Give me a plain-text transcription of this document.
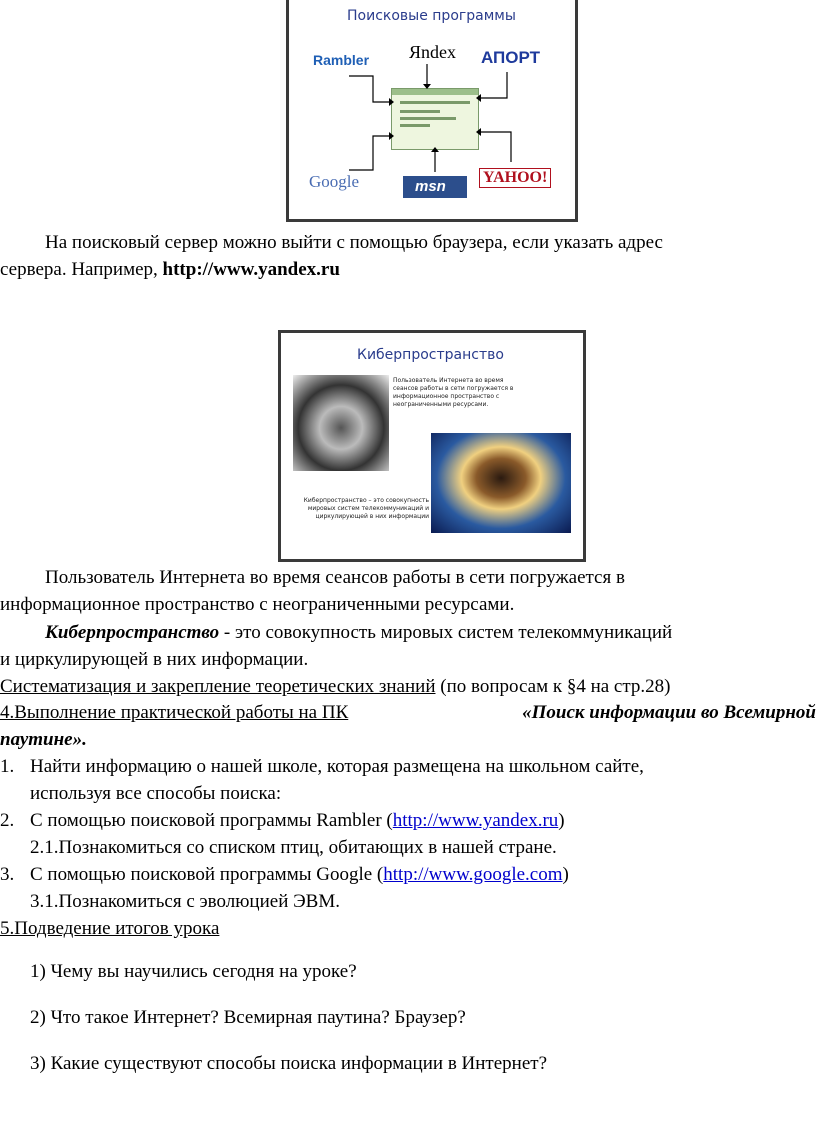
Поисковые программы
Rambler Яndex АПОРТ
Google	msn
YAHOO!
На поисковый сервер можно выйти с помощью браузера, если указать адрес
сервера. Например, http://www.yandex.ru
Киберпространство
Пользователь Интернета во время сеансов работы в сети погружается в информационное пространство с неограниченными ресурсами.
Киберпространство – это совокупность мировых систем телекоммуникаций и циркулирующей в них информации
Пользователь Интернета во время сеансов работы в сети погружается в
информационное пространство с неограниченными ресурсами.
Киберпространство - это совокупность мировых систем телекоммуникаций
и циркулирующей в них информации.
Систематизация и закрепление теоретических знаний (по вопросам к §4 на стр.28)
4.Выполнение практической работы на ПК	«Поиск информации во Всемирной
паутине».
1. Найти информацию о нашей школе, которая размещена на школьном сайте,
используя все способы поиска:
2. С помощью поисковой программы Rambler (http://www.yandex.ru)
2.1.Познакомиться со списком птиц, обитающих в нашей стране.
3. С помощью поисковой программы Google (http://www.google.com)
3.1.Познакомиться с эволюцией ЭВМ.
5.Подведение итогов урока
1) Чему вы научились сегодня на уроке?
2) Что такое Интернет? Всемирная паутина? Браузер?
3) Какие существуют способы поиска информации в Интернет?
